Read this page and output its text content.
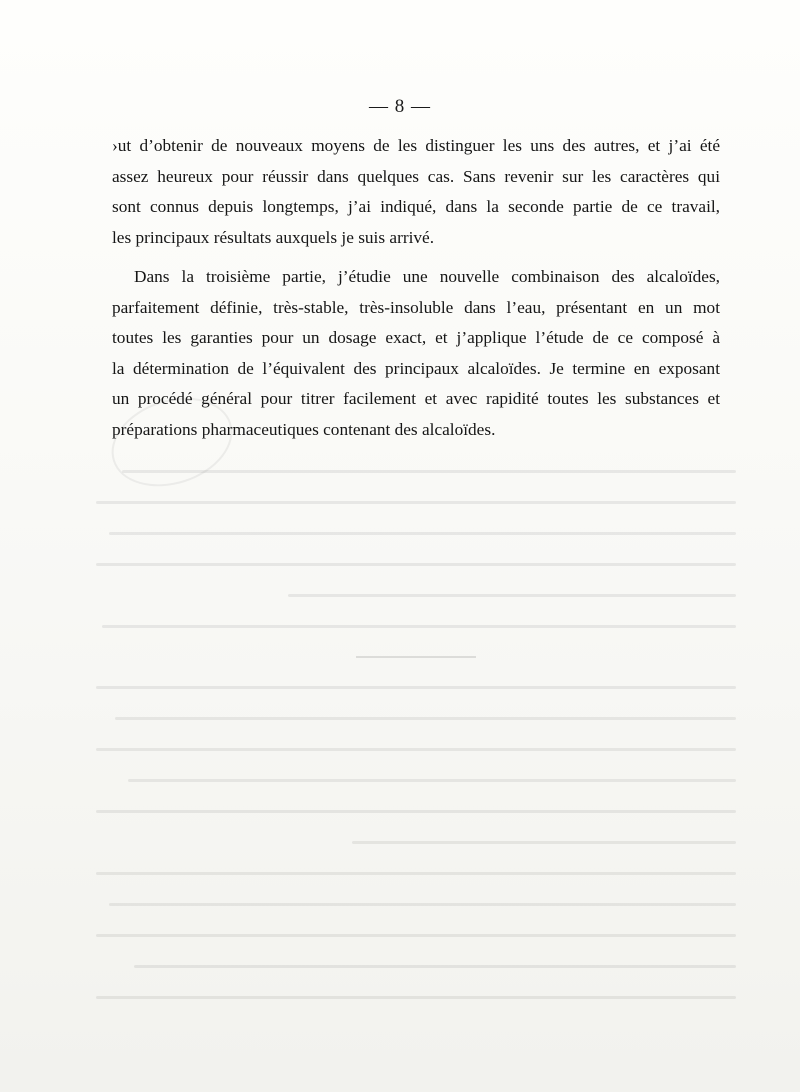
— 8 —
›ut d’obtenir de nouveaux moyens de les distinguer les uns des autres, et j’ai été
assez heureux pour réussir dans quelques cas. Sans revenir sur les caractères qui
sont connus depuis longtemps, j’ai indiqué, dans la seconde partie de ce travail,
les principaux résultats auxquels je suis arrivé.
Dans la troisième partie, j’étudie une nouvelle combinaison des alcaloïdes,
parfaitement définie, très-stable, très-insoluble dans l’eau, présentant en un mot
toutes les garanties pour un dosage exact, et j’applique l’étude de ce composé à
la détermination de l’équivalent des principaux alcaloïdes. Je termine en exposant
un procédé général pour titrer facilement et avec rapidité toutes les substances et
préparations pharmaceutiques contenant des alcaloïdes.
